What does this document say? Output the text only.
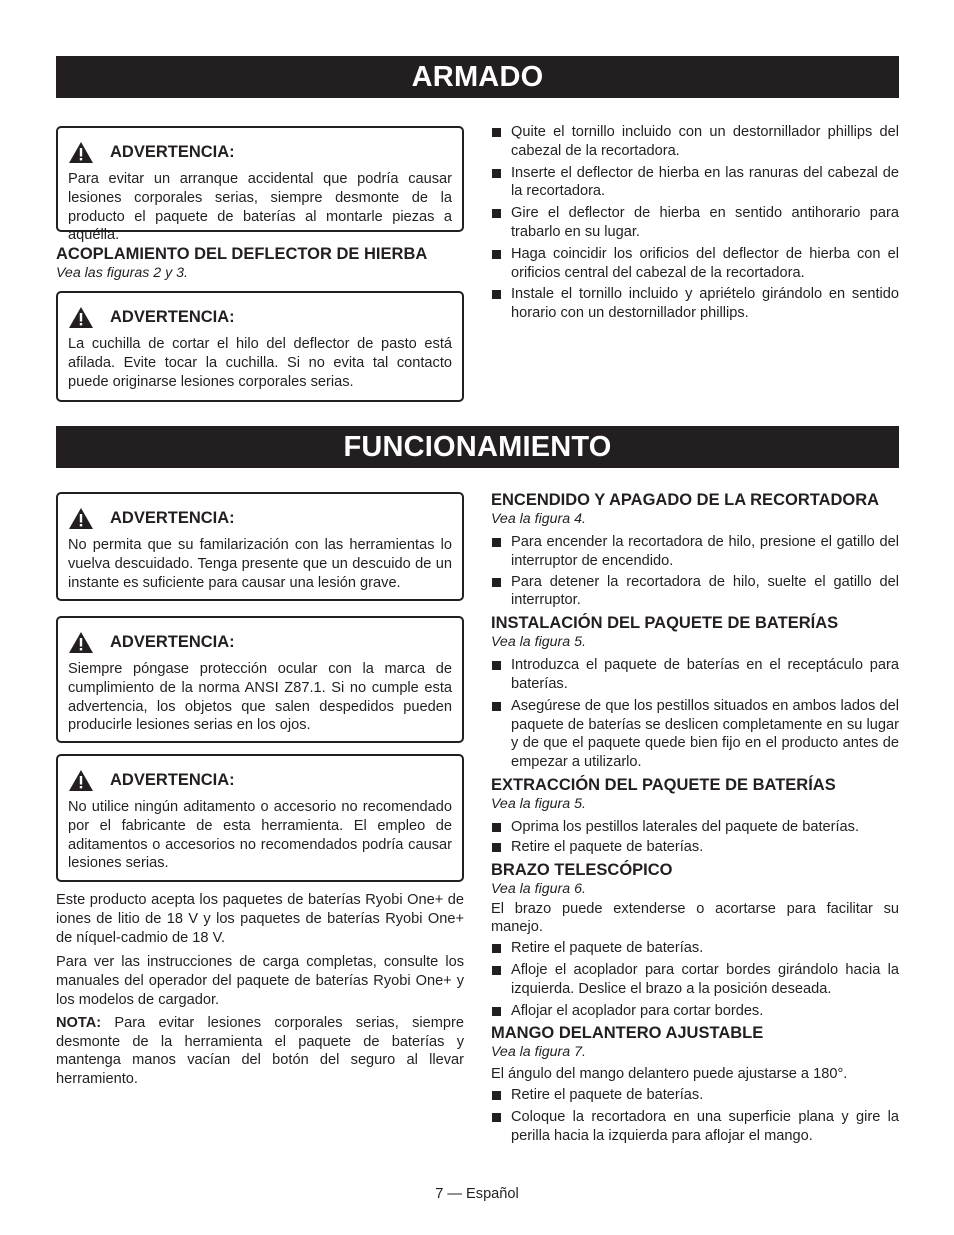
ARMADO
ADVERTENCIA:
Para evitar un arranque accidental que podría causar lesiones corporales serias, siempre desmonte de la producto el paquete de baterías al montarle piezas a aquélla.
ACOPLAMIENTO DEL DEFLECTOR DE HIERBA

Vea las figuras 2 y 3.

ADVERTENCIA:
La cuchilla de cortar el hilo del deflector de pasto está afilada. Evite tocar la cuchilla. Si no evita tal contacto puede originarse lesiones corporales serias.
Quite el tornillo incluido con un destornillador phillips del cabezal de la recortadora.
Inserte el deflector de hierba en las ranuras del cabezal de la recortadora.
Gire el deflector de hierba en sentido antihorario para trabarlo en su lugar.
Haga coincidir los orificios del deflector de hierba con el orificios central del cabezal de la recortadora.
Instale el tornillo incluido y apriételo girándolo en sentido horario con un destornillador phillips.
FUNCIONAMIENTO
ADVERTENCIA:
No permita que su familarización con las herramientas lo vuelva descuidado. Tenga presente que un descuido de un instante es suficiente para causar una lesión grave.
ADVERTENCIA:
Siempre póngase protección ocular con la marca de cumplimiento de la norma ANSI Z87.1. Si no cumple esta advertencia, los objetos que salen despedidos pueden producirle lesiones serias en los ojos.
ADVERTENCIA:
No utilice ningún aditamento o accesorio no recomendado por el fabricante de esta herramienta. El empleo de aditamentos o accesorios no recomendados podría causar lesiones serias.

Este producto acepta los paquetes de baterías Ryobi One+ de iones de litio de 18 V y los paquetes de baterías Ryobi One+ de níquel-cadmio de 18 V.

Para ver las instrucciones de carga completas, consulte los manuales del operador del paquete de baterías Ryobi One+ y los modelos de cargador.

NOTA: Para evitar lesiones corporales serias, siempre desmonte de la herramienta el paquete de baterías y mantenga manos vacían del botón del seguro al llevar herramiento.

ENCENDIDO Y APAGADO DE LA RECORTADORA

Vea la figura 4.

Para encender la recortadora de hilo, presione el gatillo del interruptor de encendido.
Para detener la recortadora de hilo, suelte el gatillo del interruptor.
INSTALACIÓN DEL PAQUETE DE BATERÍAS

Vea la figura 5.

Introduzca el paquete de baterías en el receptáculo para baterías.
Asegúrese de que los pestillos situados en ambos lados del paquete de baterías se deslicen completamente en su lugar y de que el paquete quede bien fijo en el producto antes de empezar a utilizarlo.
EXTRACCIÓN DEL PAQUETE DE BATERÍAS

Vea la figura 5.

Oprima los pestillos laterales del paquete de baterías.
Retire el paquete de baterías.
BRAZO TELESCÓPICO

Vea la figura 6.

El brazo puede extenderse o acortarse para facilitar su manejo.

Retire el paquete de baterías.
Afloje el acoplador para cortar bordes girándolo hacia la izquierda. Deslice el brazo a la posición deseada.
Aflojar el acoplador para cortar bordes.
MANGO DELANTERO AJUSTABLE

Vea la figura 7.

El ángulo del mango delantero puede ajustarse a 180°.

Retire el paquete de baterías.
Coloque la recortadora en una superficie plana y gire la perilla hacia la izquierda para aflojar el mango.
7 — Español
